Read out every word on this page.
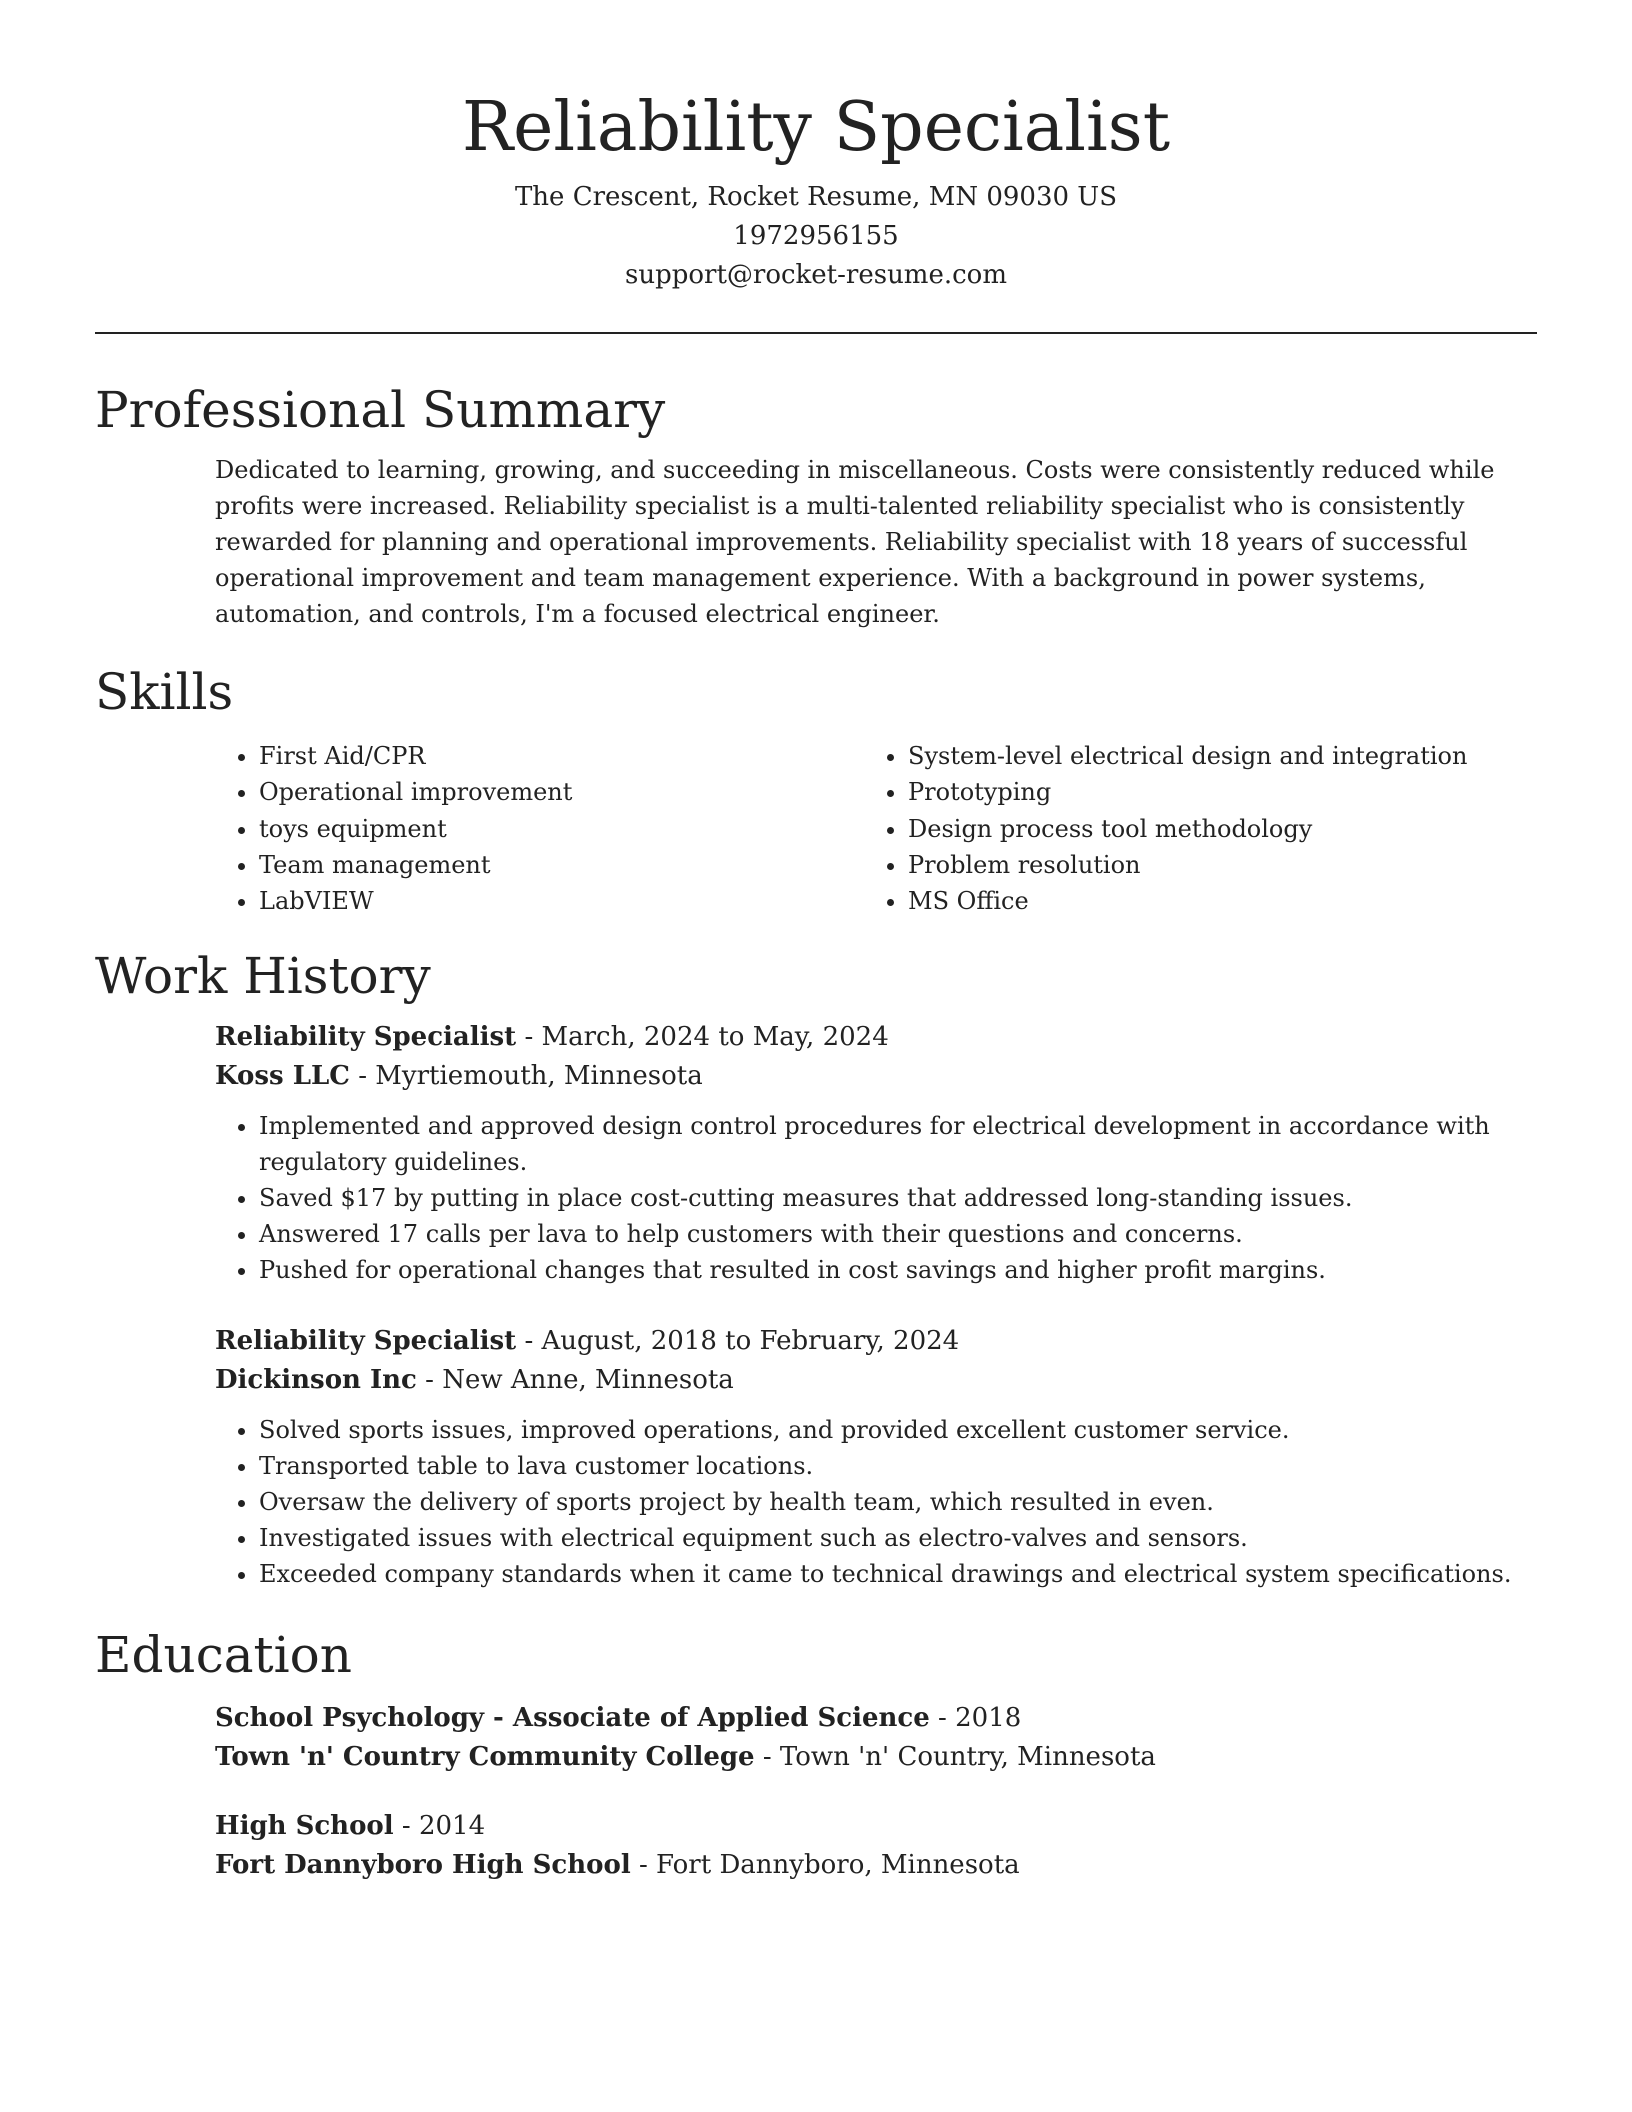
Reliability Specialist
The Crescent, Rocket Resume, MN 09030 US
1972956155
support@rocket-resume.com
Professional Summary
Dedicated to learning, growing, and succeeding in miscellaneous. Costs were consistently reduced while profits were increased. Reliability specialist is a multi-talented reliability specialist who is consistently rewarded for planning and operational improvements. Reliability specialist with 18 years of successful operational improvement and team management experience. With a background in power systems, automation, and controls, I'm a focused electrical engineer.
Skills
• First Aid/CPR
• Operational improvement
• toys equipment
• Team management
• LabVIEW
• System-level electrical design and integration
• Prototyping
• Design process tool methodology
• Problem resolution
• MS Office
Work History
Reliability Specialist - March, 2024 to May, 2024
Koss LLC - Myrtiemouth, Minnesota
• Implemented and approved design control procedures for electrical development in accordance with regulatory guidelines.
• Saved $17 by putting in place cost-cutting measures that addressed long-standing issues.
• Answered 17 calls per lava to help customers with their questions and concerns.
• Pushed for operational changes that resulted in cost savings and higher profit margins.
Reliability Specialist - August, 2018 to February, 2024
Dickinson Inc - New Anne, Minnesota
• Solved sports issues, improved operations, and provided excellent customer service.
• Transported table to lava customer locations.
• Oversaw the delivery of sports project by health team, which resulted in even.
• Investigated issues with electrical equipment such as electro-valves and sensors.
• Exceeded company standards when it came to technical drawings and electrical system specifications.
Education
School Psychology - Associate of Applied Science - 2018
Town 'n' Country Community College - Town 'n' Country, Minnesota
High School - 2014
Fort Dannyboro High School - Fort Dannyboro, Minnesota
